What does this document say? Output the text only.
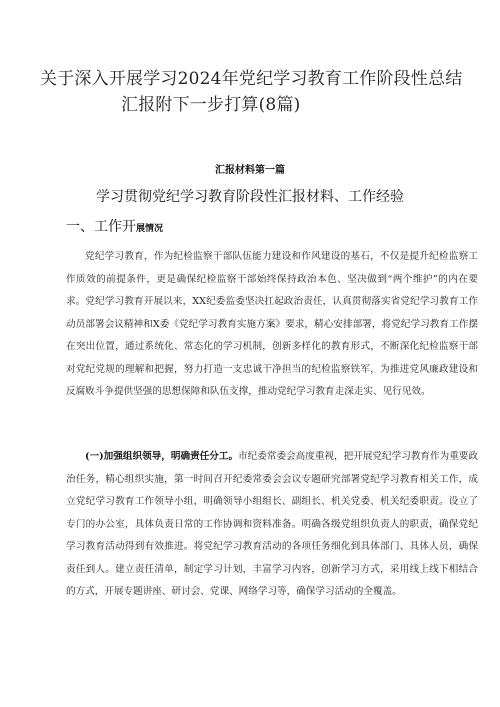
关于深入开展学习2024年党纪学习教育工作阶段性总结
汇报附下一步打算(8篇)
汇报材料第一篇
学习贯彻党纪学习教育阶段性汇报材料、工作经验
一、工作开展情况

党纪学习教育，作为纪检监察干部队伍能力建设和作风建设的基石，不仅是提升纪检监察工作质效的前提条件，更是确保纪检监察干部始终保持政治本色、坚决做到“两个维护”的内在要求。党纪学习教育开展以来，XX纪委监委坚决扛起政治责任，认真贯彻落实省党纪学习教育工作动员部署会议精神和X委《党纪学习教育实施方案》要求，精心安排部署，将党纪学习教育工作摆在突出位置，通过系统化、常态化的学习机制，创新多样化的教育形式，不断深化纪检监察干部对党纪党规的理解和把握，努力打造一支忠诚干净担当的纪检监察铁军，为推进党风廉政建设和反腐败斗争提供坚强的思想保障和队伍支撑，推动党纪学习教育走深走实、见行见效。

(一)加强组织领导，明确责任分工。市纪委常委会高度重视，把开展党纪学习教育作为重要政治任务，精心组织实施，第一时间召开纪委常委会会议专题研究部署党纪学习教育相关工作，成立党纪学习教育工作领导小组，明确领导小组组长、副组长、机关党委、机关纪委职责。设立了专门的办公室，具体负责日常的工作协调和资料准备。明确各级党组织负责人的职责，确保党纪学习教育活动得到有效推进。将党纪学习教育活动的各项任务细化到具体部门、具体人员，确保责任到人。建立责任清单，制定学习计划，丰富学习内容，创新学习方式，采用线上线下相结合的方式，开展专题讲座、研讨会、党课、网络学习等，确保学习活动的全覆盖。
